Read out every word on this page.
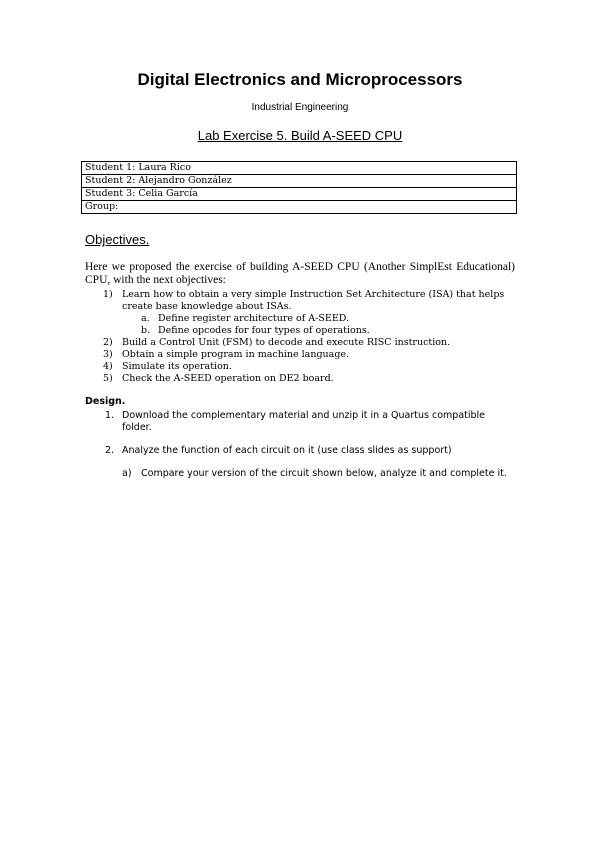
Digital Electronics and Microprocessors
Industrial Engineering
Lab Exercise 5. Build A-SEED CPU
Student 1: Laura Rico
Student 2: Alejandro González
Student 3: Celia García
Group:
Objectives.
Here we proposed the exercise of building A-SEED CPU (Another SimplEst Educational) CPU, with the next objectives:
1) Learn how to obtain a very simple Instruction Set Architecture (ISA) that helps create base knowledge about ISAs.
a. Define register architecture of A-SEED.
b. Define opcodes for four types of operations.
2) Build a Control Unit (FSM) to decode and execute RISC instruction.
3) Obtain a simple program in machine language.
4) Simulate its operation.
5) Check the A-SEED operation on DE2 board.
Design.
1. Download the complementary material and unzip it in a Quartus compatible folder.
2. Analyze the function of each circuit on it (use class slides as support)
a) Compare your version of the circuit shown below, analyze it and complete it.
